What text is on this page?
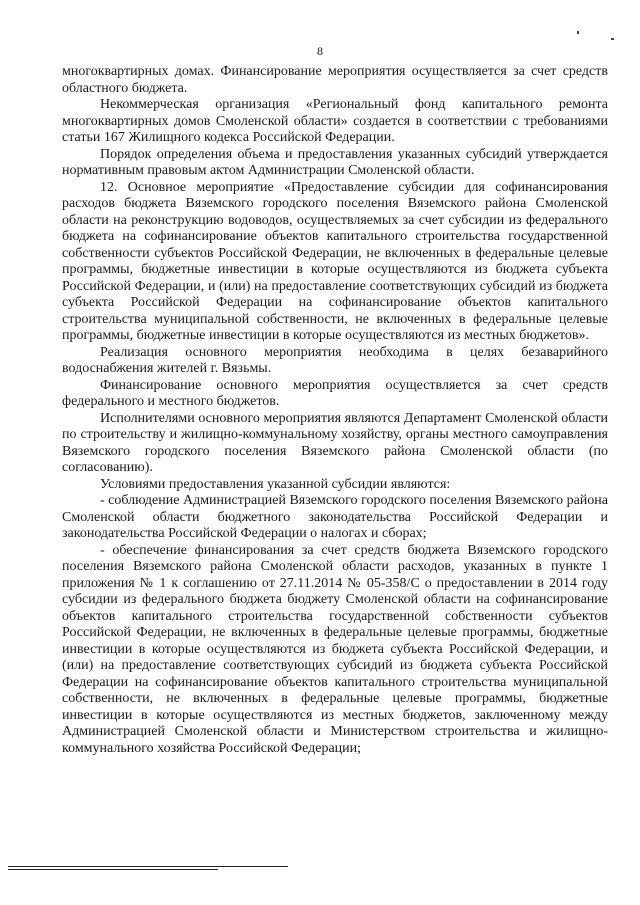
8

многоквартирных домах. Финансирование мероприятия осуществляется за счет средств областного бюджета.

Некоммерческая организация «Региональный фонд капитального ремонта многоквартирных домов Смоленской области» создается в соответствии с требованиями статьи 167 Жилищного кодекса Российской Федерации.

Порядок определения объема и предоставления указанных субсидий утверждается нормативным правовым актом Администрации Смоленской области.

12. Основное мероприятие «Предоставление субсидии для софинансирования расходов бюджета Вяземского городского поселения Вяземского района Смоленской области на реконструкцию водоводов, осуществляемых за счет субсидии из федерального бюджета на софинансирование объектов капитального строительства государственной собственности субъектов Российской Федерации, не включенных в федеральные целевые программы, бюджетные инвестиции в которые осуществляются из бюджета субъекта Российской Федерации, и (или) на предоставление соответствующих субсидий из бюджета субъекта Российской Федерации на софинансирование объектов капитального строительства муниципальной собственности, не включенных в федеральные целевые программы, бюджетные инвестиции в которые осуществляются из местных бюджетов».

Реализация основного мероприятия необходима в целях безаварийного водоснабжения жителей г. Вязьмы.

Финансирование основного мероприятия осуществляется за счет средств федерального и местного бюджетов.

Исполнителями основного мероприятия являются Департамент Смоленской области по строительству и жилищно-коммунальному хозяйству, органы местного самоуправления Вяземского городского поселения Вяземского района Смоленской области (по согласованию).

Условиями предоставления указанной субсидии являются:

- соблюдение Администрацией Вяземского городского поселения Вяземского района Смоленской области бюджетного законодательства Российской Федерации и законодательства Российской Федерации о налогах и сборах;

- обеспечение финансирования за счет средств бюджета Вяземского городского поселения Вяземского района Смоленской области расходов, указанных в пункте 1 приложения № 1 к соглашению от 27.11.2014 № 05-358/С о предоставлении в 2014 году субсидии из федерального бюджета бюджету Смоленской области на софинансирование объектов капитального строительства государственной собственности субъектов Российской Федерации, не включенных в федеральные целевые программы, бюджетные инвестиции в которые осуществляются из бюджета субъекта Российской Федерации, и (или) на предоставление соответствующих субсидий из бюджета субъекта Российской Федерации на софинансирование объектов капитального строительства муниципальной собственности, не включенных в федеральные целевые программы, бюджетные инвестиции в которые осуществляются из местных бюджетов, заключенному между Администрацией Смоленской области и Министерством строительства и жилищно-коммунального хозяйства Российской Федерации;
